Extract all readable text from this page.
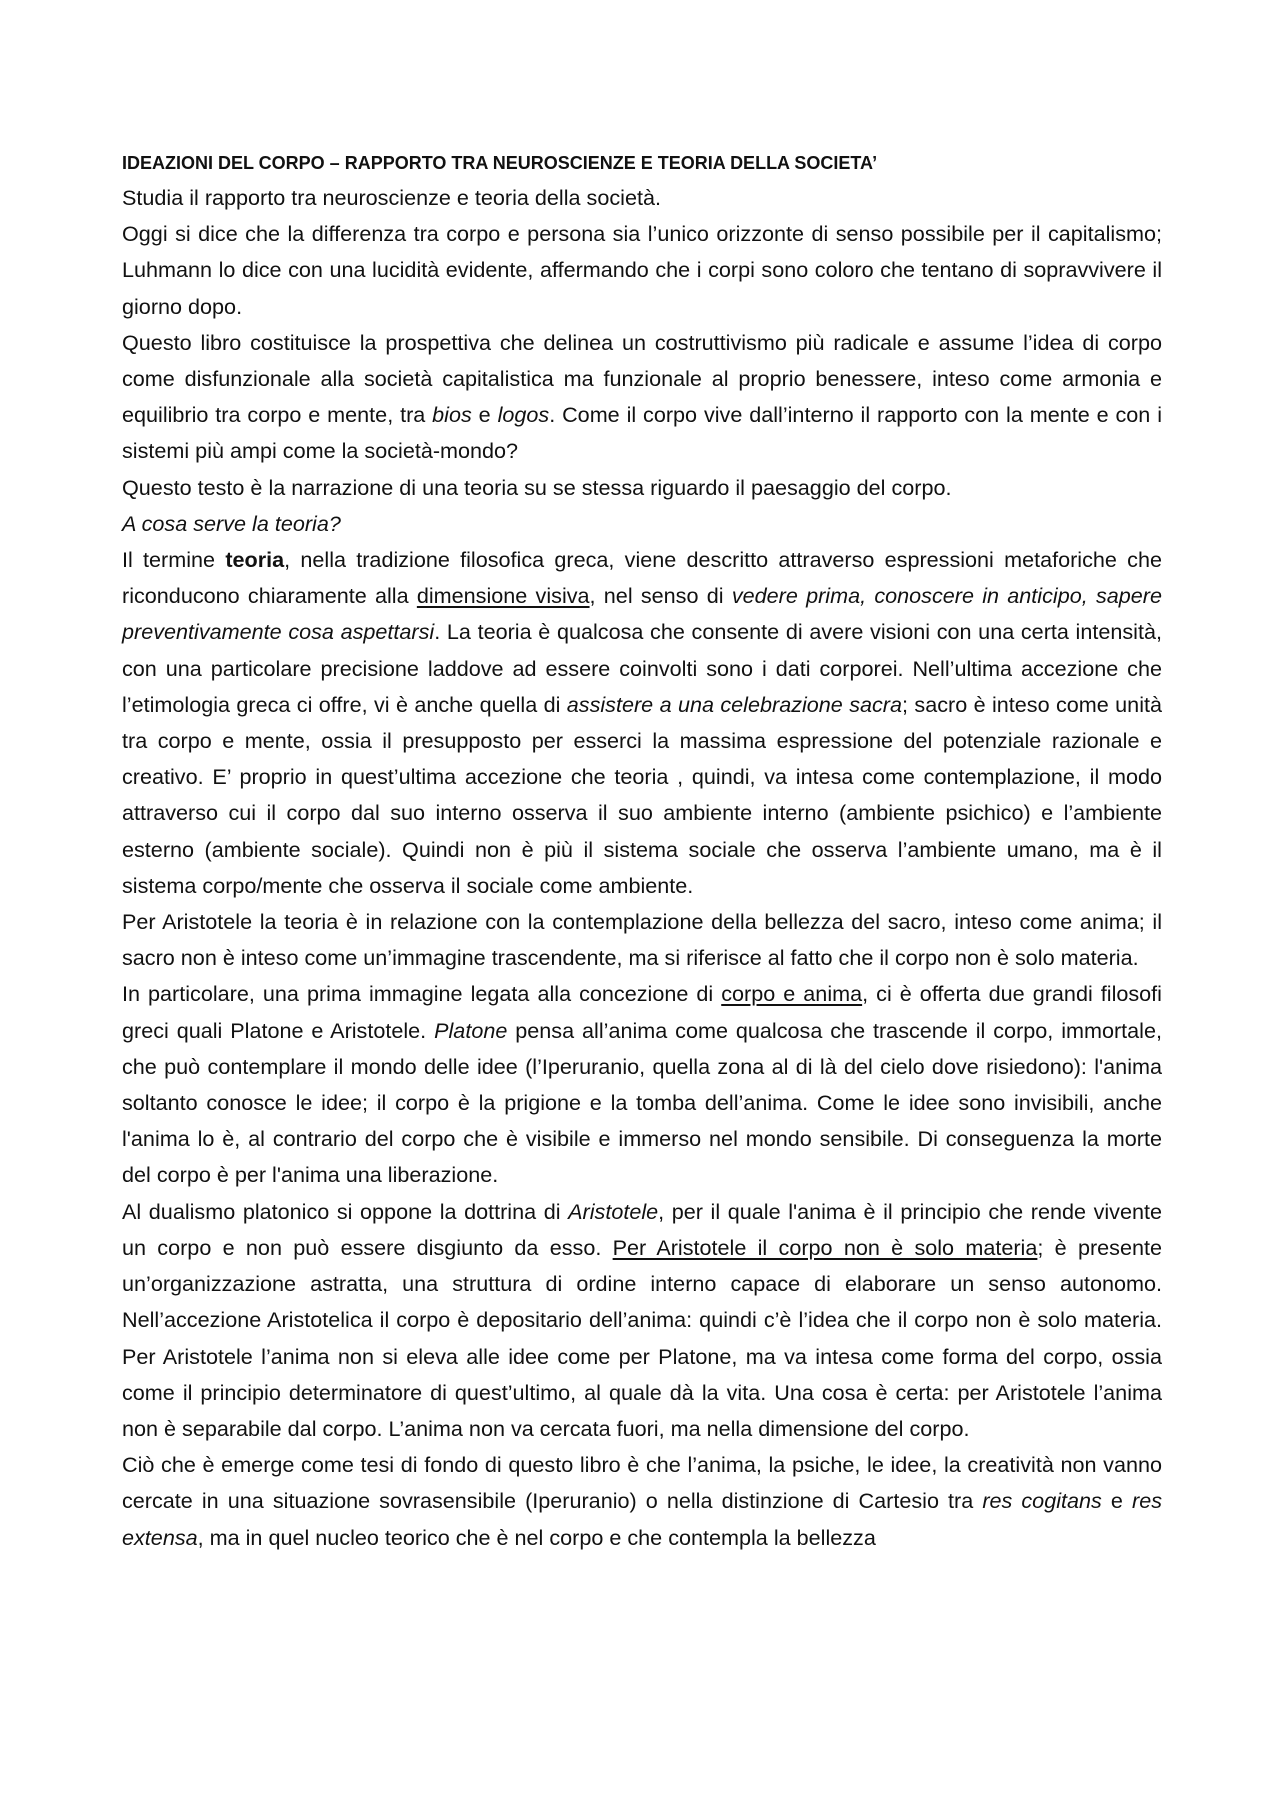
IDEAZIONI DEL CORPO – RAPPORTO TRA NEUROSCIENZE E TEORIA DELLA SOCIETA’

Studia il rapporto tra neuroscienze e teoria della società.

Oggi si dice che la differenza tra corpo e persona sia l’unico orizzonte di senso possibile per il capitalismo; Luhmann lo dice con una lucidità evidente, affermando che i corpi sono coloro che tentano di sopravvivere il giorno dopo.

Questo libro costituisce la prospettiva che delinea un costruttivismo più radicale e assume l’idea di corpo come disfunzionale alla società capitalistica ma funzionale al proprio benessere, inteso come armonia e equilibrio tra corpo e mente, tra bios e logos. Come il corpo vive dall’interno il rapporto con la mente e con i sistemi più ampi come la società-mondo?

Questo testo è la narrazione di una teoria su se stessa riguardo il paesaggio del corpo.

A cosa serve la teoria?

Il termine teoria, nella tradizione filosofica greca, viene descritto attraverso espressioni metaforiche che riconducono chiaramente alla dimensione visiva, nel senso di vedere prima, conoscere in anticipo, sapere preventivamente cosa aspettarsi. La teoria è qualcosa che consente di avere visioni con una certa intensità, con una particolare precisione laddove ad essere coinvolti sono i dati corporei. Nell’ultima accezione che l’etimologia greca ci offre, vi è anche quella di assistere a una celebrazione sacra; sacro è inteso come unità tra corpo e mente, ossia il presupposto per esserci la massima espressione del potenziale razionale e creativo. E’ proprio in quest’ultima accezione che teoria , quindi, va intesa come contemplazione, il modo attraverso cui il corpo dal suo interno osserva il suo ambiente interno (ambiente psichico) e l’ambiente esterno (ambiente sociale). Quindi non è più il sistema sociale che osserva l’ambiente umano, ma è il sistema corpo/mente che osserva il sociale come ambiente.

Per Aristotele la teoria è in relazione con la contemplazione della bellezza del sacro, inteso come anima; il sacro non è inteso come un’immagine trascendente, ma si riferisce al fatto che il corpo non è solo materia.

In particolare, una prima immagine legata alla concezione di corpo e anima, ci è offerta due grandi filosofi greci quali Platone e Aristotele. Platone pensa all’anima come qualcosa che trascende il corpo, immortale, che può contemplare il mondo delle idee (l’Iperuranio, quella zona al di là del cielo dove risiedono): l'anima soltanto conosce le idee; il corpo è la prigione e la tomba dell’anima. Come le idee sono invisibili, anche l'anima lo è, al contrario del corpo che è visibile e immerso nel mondo sensibile. Di conseguenza la morte del corpo è per l'anima una liberazione.

Al dualismo platonico si oppone la dottrina di Aristotele, per il quale l'anima è il principio che rende vivente un corpo e non può essere disgiunto da esso. Per Aristotele il corpo non è solo materia; è presente un’organizzazione astratta, una struttura di ordine interno capace di elaborare un senso autonomo. Nell’accezione Aristotelica il corpo è depositario dell’anima: quindi c’è l’idea che il corpo non è solo materia. Per Aristotele l’anima non si eleva alle idee come per Platone, ma va intesa come forma del corpo, ossia come il principio determinatore di quest’ultimo, al quale dà la vita. Una cosa è certa: per Aristotele l’anima non è separabile dal corpo. L’anima non va cercata fuori, ma nella dimensione del corpo.

Ciò che è emerge come tesi di fondo di questo libro è che l’anima, la psiche, le idee, la creatività non vanno cercate in una situazione sovrasensibile (Iperuranio) o nella distinzione di Cartesio tra res cogitans e res extensa, ma in quel nucleo teorico che è nel corpo e che contempla la bellezza
